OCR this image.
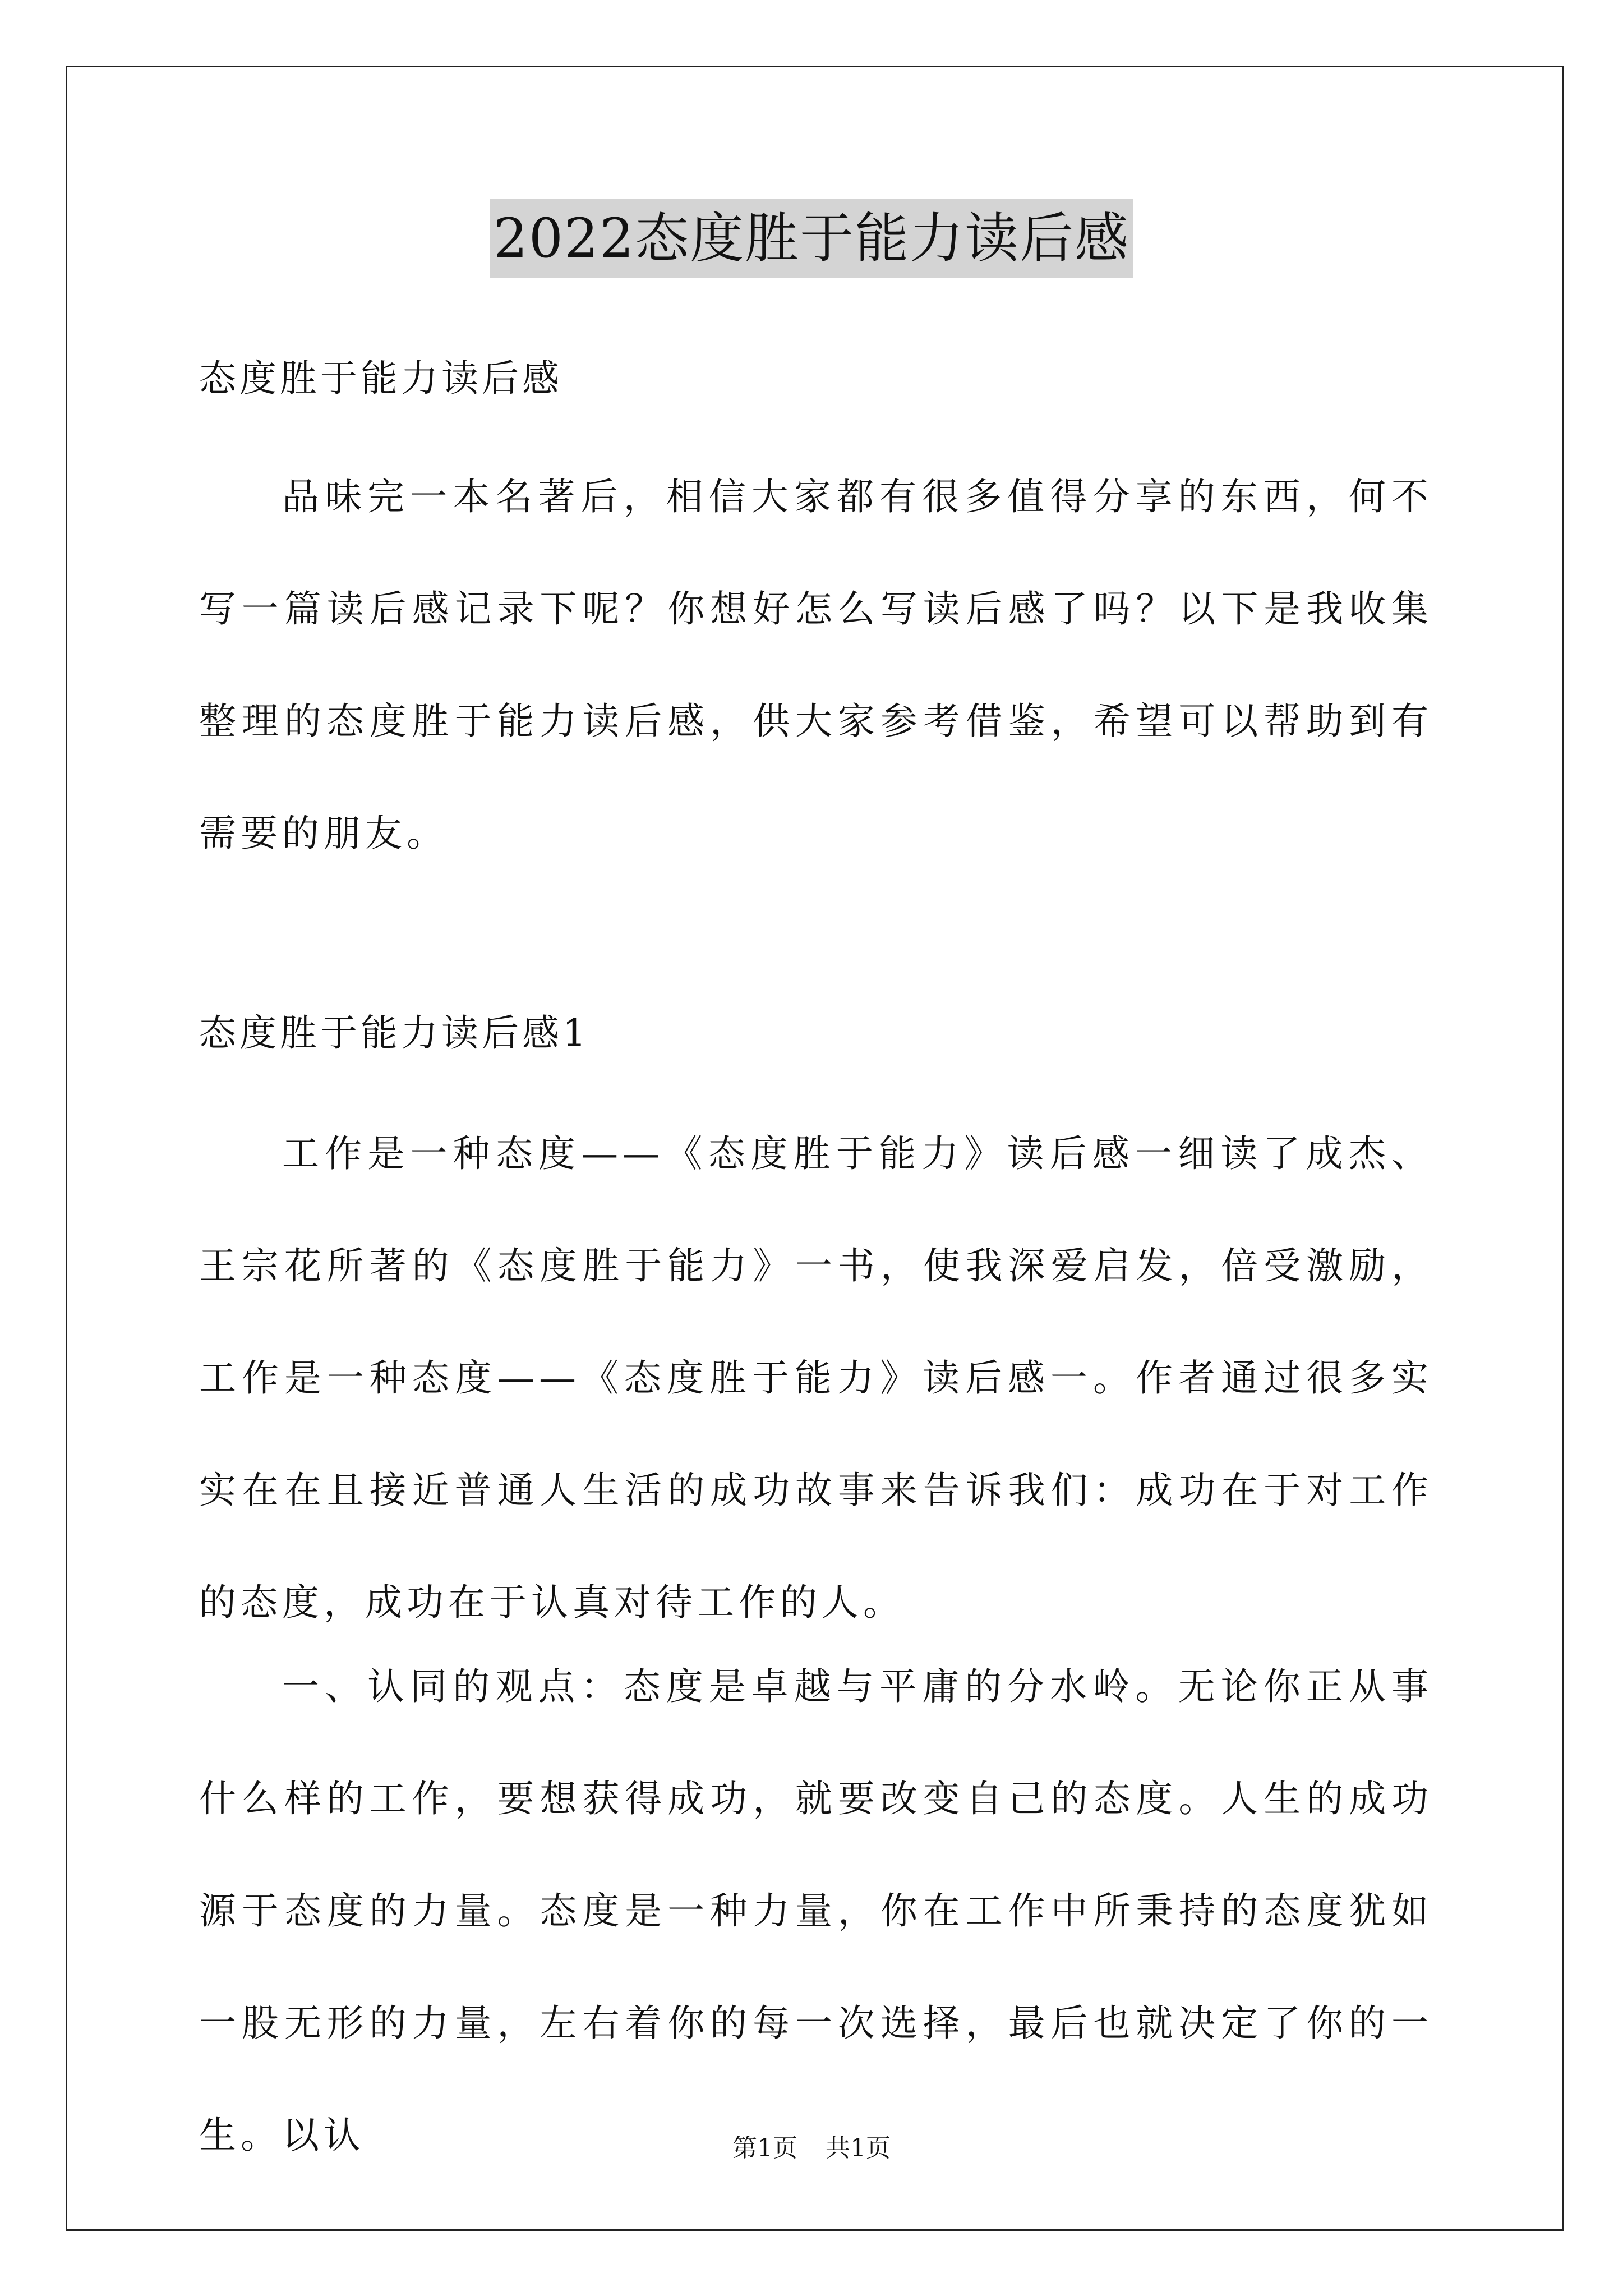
2022态度胜于能力读后感
态度胜于能力读后感

品味完一本名著后，相信大家都有很多值得分享的东西，何不写一篇读后感记录下呢？你想好怎么写读后感了吗？以下是我收集整理的态度胜于能力读后感，供大家参考借鉴，希望可以帮助到有需要的朋友。

态度胜于能力读后感1

工作是一种态度——《态度胜于能力》读后感一细读了成杰、王宗花所著的《态度胜于能力》一书，使我深爱启发，倍受激励，工作是一种态度——《态度胜于能力》读后感一。作者通过很多实实在在且接近普通人生活的成功故事来告诉我们：成功在于对工作的态度，成功在于认真对待工作的人。

一、认同的观点：态度是卓越与平庸的分水岭。无论你正从事什么样的工作，要想获得成功，就要改变自己的态度。人生的成功源于态度的力量。态度是一种力量，你在工作中所秉持的态度犹如一股无形的力量，左右着你的每一次选择，最后也就决定了你的一生。以认	第1页 共1页
